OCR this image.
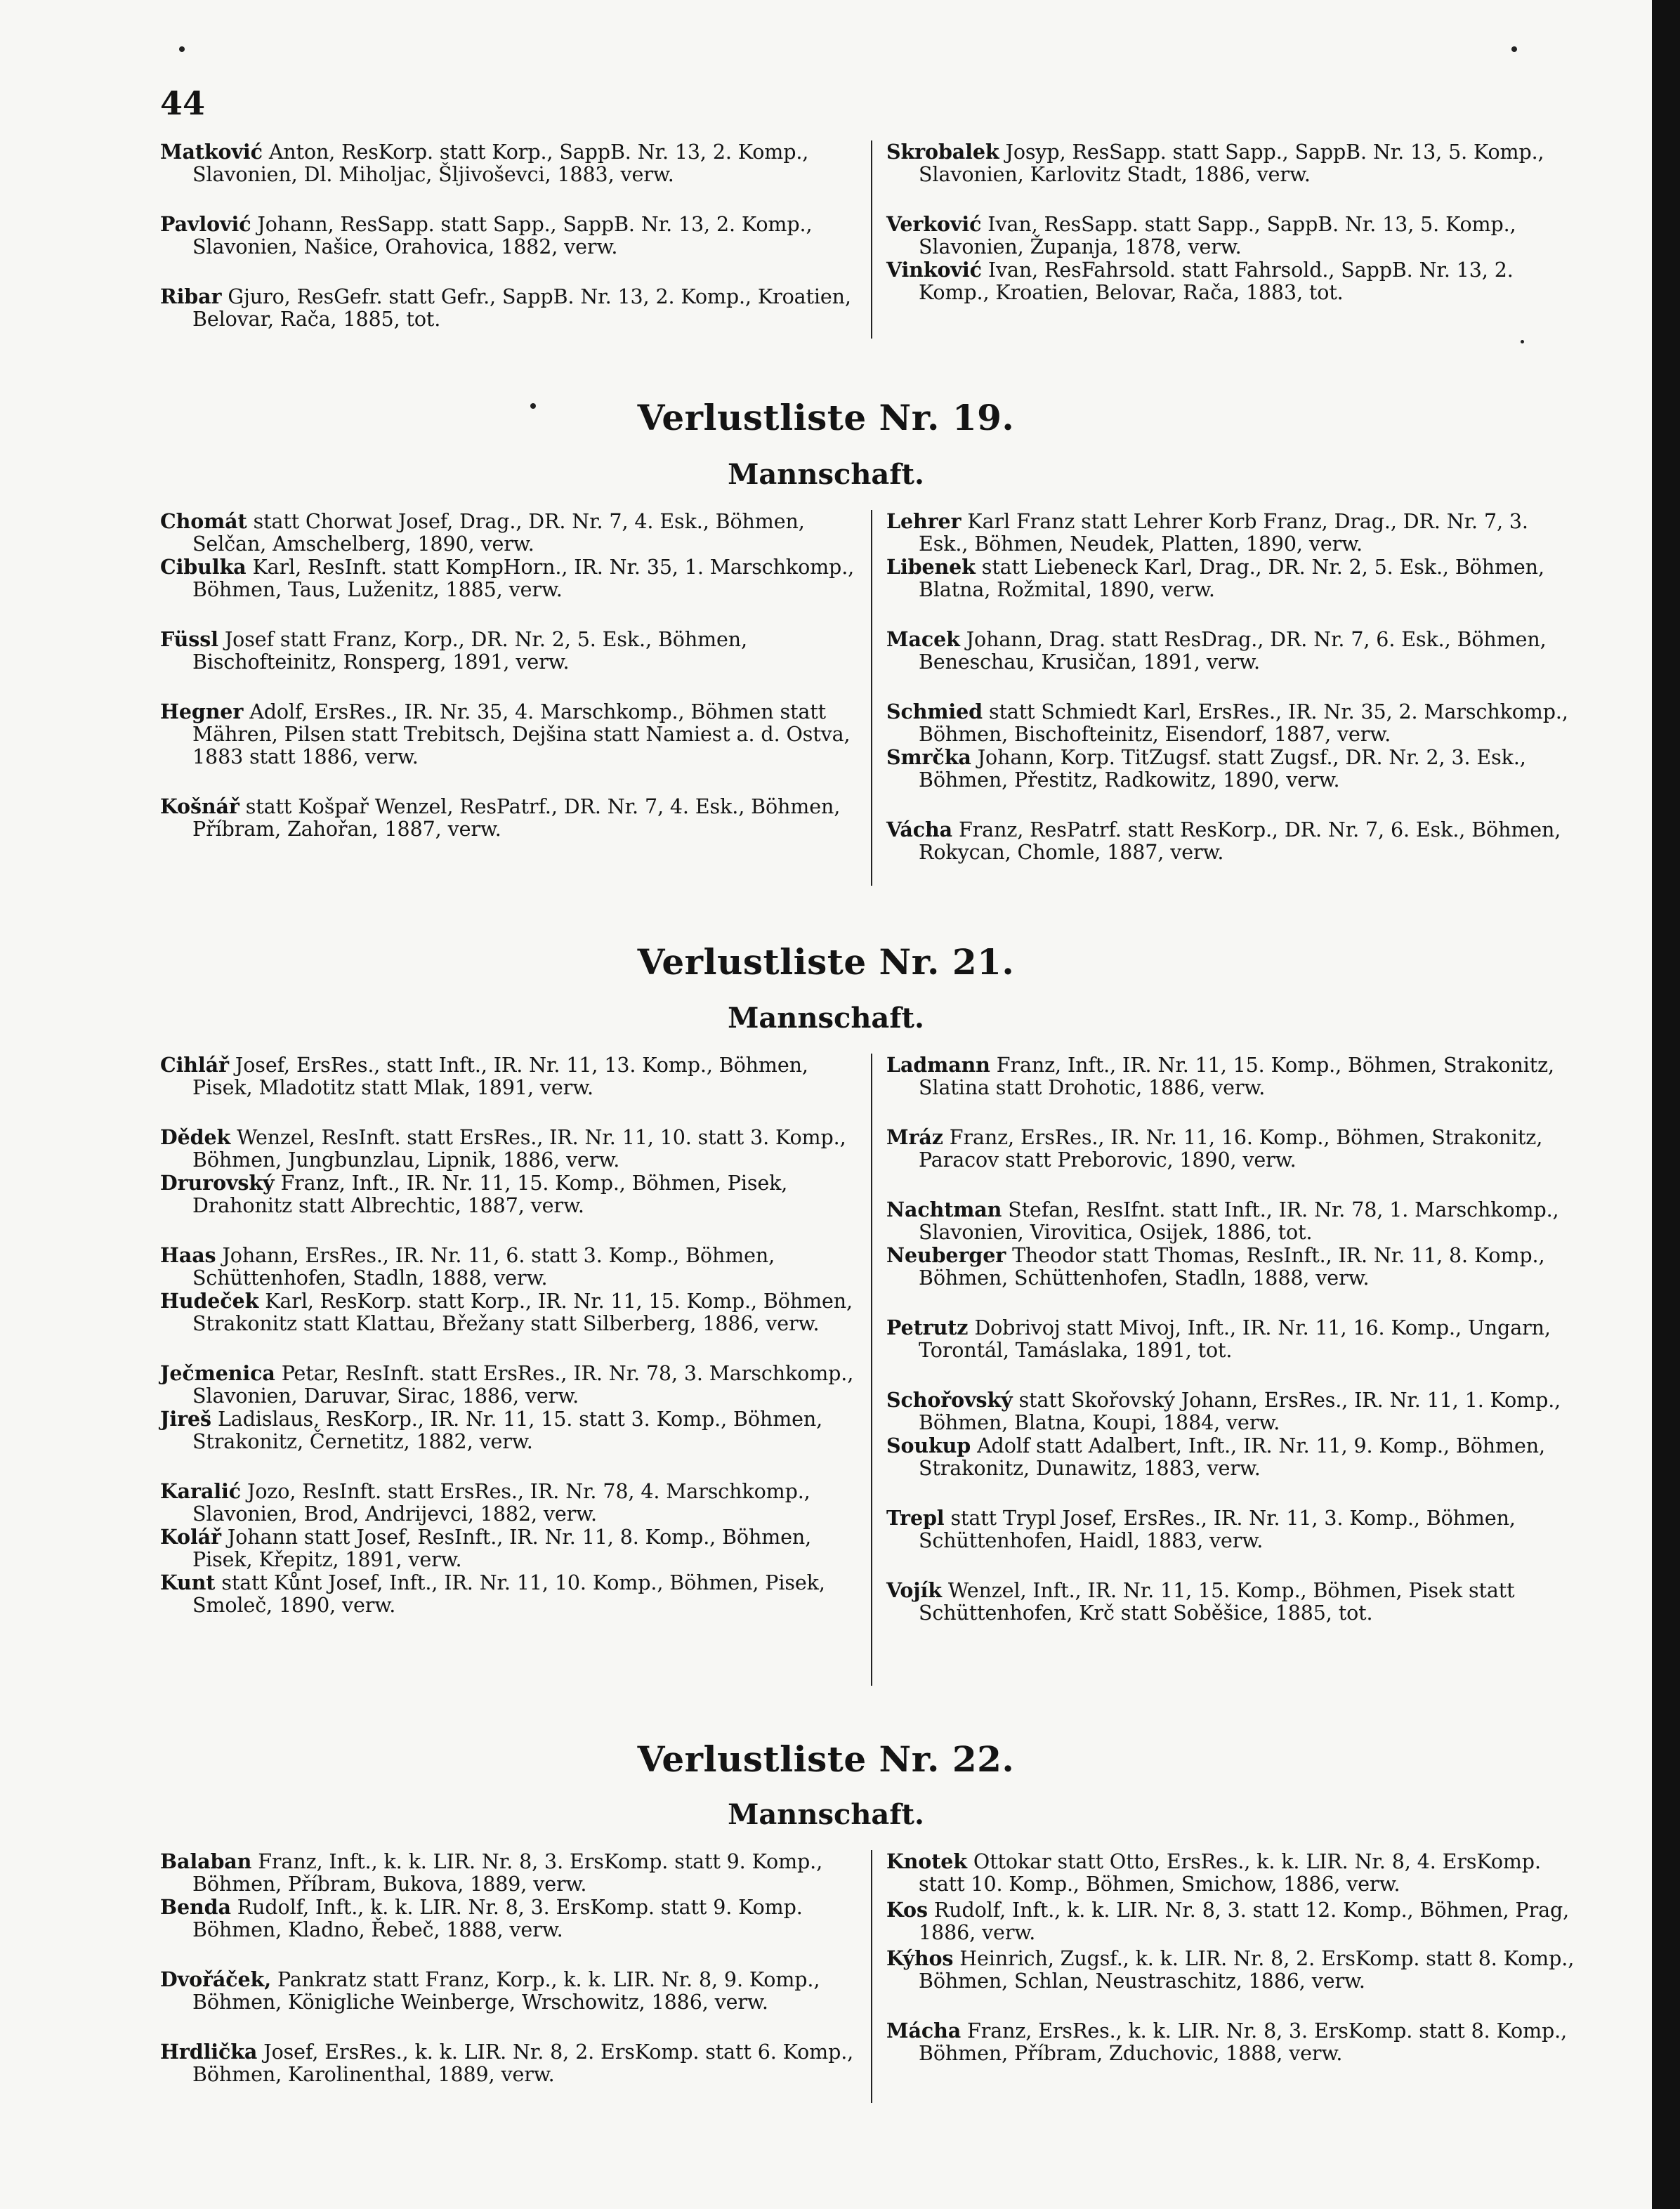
44

Matković Anton, ResKorp. statt Korp., SappB. Nr. 13, 2. Komp., Slavonien, Dl. Miholjac, Šljivoševci, 1883, verw.

Pavlović Johann, ResSapp. statt Sapp., SappB. Nr. 13, 2. Komp., Slavonien, Našice, Orahovica, 1882, verw.

Ribar Gjuro, ResGefr. statt Gefr., SappB. Nr. 13, 2. Komp., Kroatien, Belovar, Rača, 1885, tot.

Skrobalek Josyp, ResSapp. statt Sapp., SappB. Nr. 13, 5. Komp., Slavonien, Karlovitz Stadt, 1886, verw.

Verković Ivan, ResSapp. statt Sapp., SappB. Nr. 13, 5. Komp., Slavonien, Županja, 1878, verw.

Vinković Ivan, ResFahrsold. statt Fahrsold., SappB. Nr. 13, 2. Komp., Kroatien, Belovar, Rača, 1883, tot.

Verlustliste Nr. 19.
Mannschaft.

Chomát statt Chorwat Josef, Drag., DR. Nr. 7, 4. Esk., Böhmen, Selčan, Amschelberg, 1890, verw.

Cibulka Karl, ResInft. statt KompHorn., IR. Nr. 35, 1. Marschkomp., Böhmen, Taus, Luženitz, 1885, verw.

Füssl Josef statt Franz, Korp., DR. Nr. 2, 5. Esk., Böhmen, Bischofteinitz, Ronsperg, 1891, verw.

Hegner Adolf, ErsRes., IR. Nr. 35, 4. Marschkomp., Böhmen statt Mähren, Pilsen statt Trebitsch, Dejšina statt Namiest a. d. Ostva, 1883 statt 1886, verw.

Košnář statt Košpař Wenzel, ResPatrf., DR. Nr. 7, 4. Esk., Böhmen, Příbram, Zahořan, 1887, verw.

Lehrer Karl Franz statt Lehrer Korb Franz, Drag., DR. Nr. 7, 3. Esk., Böhmen, Neudek, Platten, 1890, verw.

Libenek statt Liebeneck Karl, Drag., DR. Nr. 2, 5. Esk., Böhmen, Blatna, Rožmital, 1890, verw.

Macek Johann, Drag. statt ResDrag., DR. Nr. 7, 6. Esk., Böhmen, Beneschau, Krusičan, 1891, verw.

Schmied statt Schmiedt Karl, ErsRes., IR. Nr. 35, 2. Marschkomp., Böhmen, Bischofteinitz, Eisendorf, 1887, verw.

Smrčka Johann, Korp. TitZugsf. statt Zugsf., DR. Nr. 2, 3. Esk., Böhmen, Přestitz, Radkowitz, 1890, verw.

Vácha Franz, ResPatrf. statt ResKorp., DR. Nr. 7, 6. Esk., Böhmen, Rokycan, Chomle, 1887, verw.

Verlustliste Nr. 21.
Mannschaft.

Cihlář Josef, ErsRes., statt Inft., IR. Nr. 11, 13. Komp., Böhmen, Pisek, Mladotitz statt Mlak, 1891, verw.

Dědek Wenzel, ResInft. statt ErsRes., IR. Nr. 11, 10. statt 3. Komp., Böhmen, Jungbunzlau, Lipnik, 1886, verw.

Drurovský Franz, Inft., IR. Nr. 11, 15. Komp., Böhmen, Pisek, Drahonitz statt Albrechtic, 1887, verw.

Haas Johann, ErsRes., IR. Nr. 11, 6. statt 3. Komp., Böhmen, Schüttenhofen, Stadln, 1888, verw.

Hudeček Karl, ResKorp. statt Korp., IR. Nr. 11, 15. Komp., Böhmen, Strakonitz statt Klattau, Břežany statt Silberberg, 1886, verw.

Ječmenica Petar, ResInft. statt ErsRes., IR. Nr. 78, 3. Marschkomp., Slavonien, Daruvar, Sirac, 1886, verw.

Jireš Ladislaus, ResKorp., IR. Nr. 11, 15. statt 3. Komp., Böhmen, Strakonitz, Černetitz, 1882, verw.

Karalić Jozo, ResInft. statt ErsRes., IR. Nr. 78, 4. Marschkomp., Slavonien, Brod, Andrijevci, 1882, verw.

Kolář Johann statt Josef, ResInft., IR. Nr. 11, 8. Komp., Böhmen, Pisek, Křepitz, 1891, verw.

Kunt statt Kůnt Josef, Inft., IR. Nr. 11, 10. Komp., Böhmen, Pisek, Smoleč, 1890, verw.

Ladmann Franz, Inft., IR. Nr. 11, 15. Komp., Böhmen, Strakonitz, Slatina statt Drohotic, 1886, verw.

Mráz Franz, ErsRes., IR. Nr. 11, 16. Komp., Böhmen, Strakonitz, Paracov statt Preborovic, 1890, verw.

Nachtman Stefan, ResIfnt. statt Inft., IR. Nr. 78, 1. Marschkomp., Slavonien, Virovitica, Osijek, 1886, tot.

Neuberger Theodor statt Thomas, ResInft., IR. Nr. 11, 8. Komp., Böhmen, Schüttenhofen, Stadln, 1888, verw.

Petrutz Dobrivoj statt Mivoj, Inft., IR. Nr. 11, 16. Komp., Ungarn, Torontál, Tamáslaka, 1891, tot.

Schořovský statt Skořovský Johann, ErsRes., IR. Nr. 11, 1. Komp., Böhmen, Blatna, Koupi, 1884, verw.

Soukup Adolf statt Adalbert, Inft., IR. Nr. 11, 9. Komp., Böhmen, Strakonitz, Dunawitz, 1883, verw.

Trepl statt Trypl Josef, ErsRes., IR. Nr. 11, 3. Komp., Böhmen, Schüttenhofen, Haidl, 1883, verw.

Vojík Wenzel, Inft., IR. Nr. 11, 15. Komp., Böhmen, Pisek statt Schüttenhofen, Krč statt Soběšice, 1885, tot.

Verlustliste Nr. 22.
Mannschaft.

Balaban Franz, Inft., k. k. LIR. Nr. 8, 3. ErsKomp. statt 9. Komp., Böhmen, Příbram, Bukova, 1889, verw.

Benda Rudolf, Inft., k. k. LIR. Nr. 8, 3. ErsKomp. statt 9. Komp. Böhmen, Kladno, Řebeč, 1888, verw.

Dvořáček, Pankratz statt Franz, Korp., k. k. LIR. Nr. 8, 9. Komp., Böhmen, Königliche Weinberge, Wrschowitz, 1886, verw.

Hrdlička Josef, ErsRes., k. k. LIR. Nr. 8, 2. ErsKomp. statt 6. Komp., Böhmen, Karolinenthal, 1889, verw.

Knotek Ottokar statt Otto, ErsRes., k. k. LIR. Nr. 8, 4. ErsKomp. statt 10. Komp., Böhmen, Smichow, 1886, verw.

Kos Rudolf, Inft., k. k. LIR. Nr. 8, 3. statt 12. Komp., Böhmen, Prag, 1886, verw.

Kýhos Heinrich, Zugsf., k. k. LIR. Nr. 8, 2. ErsKomp. statt 8. Komp., Böhmen, Schlan, Neustraschitz, 1886, verw.

Mácha Franz, ErsRes., k. k. LIR. Nr. 8, 3. ErsKomp. statt 8. Komp., Böhmen, Příbram, Zduchovic, 1888, verw.
